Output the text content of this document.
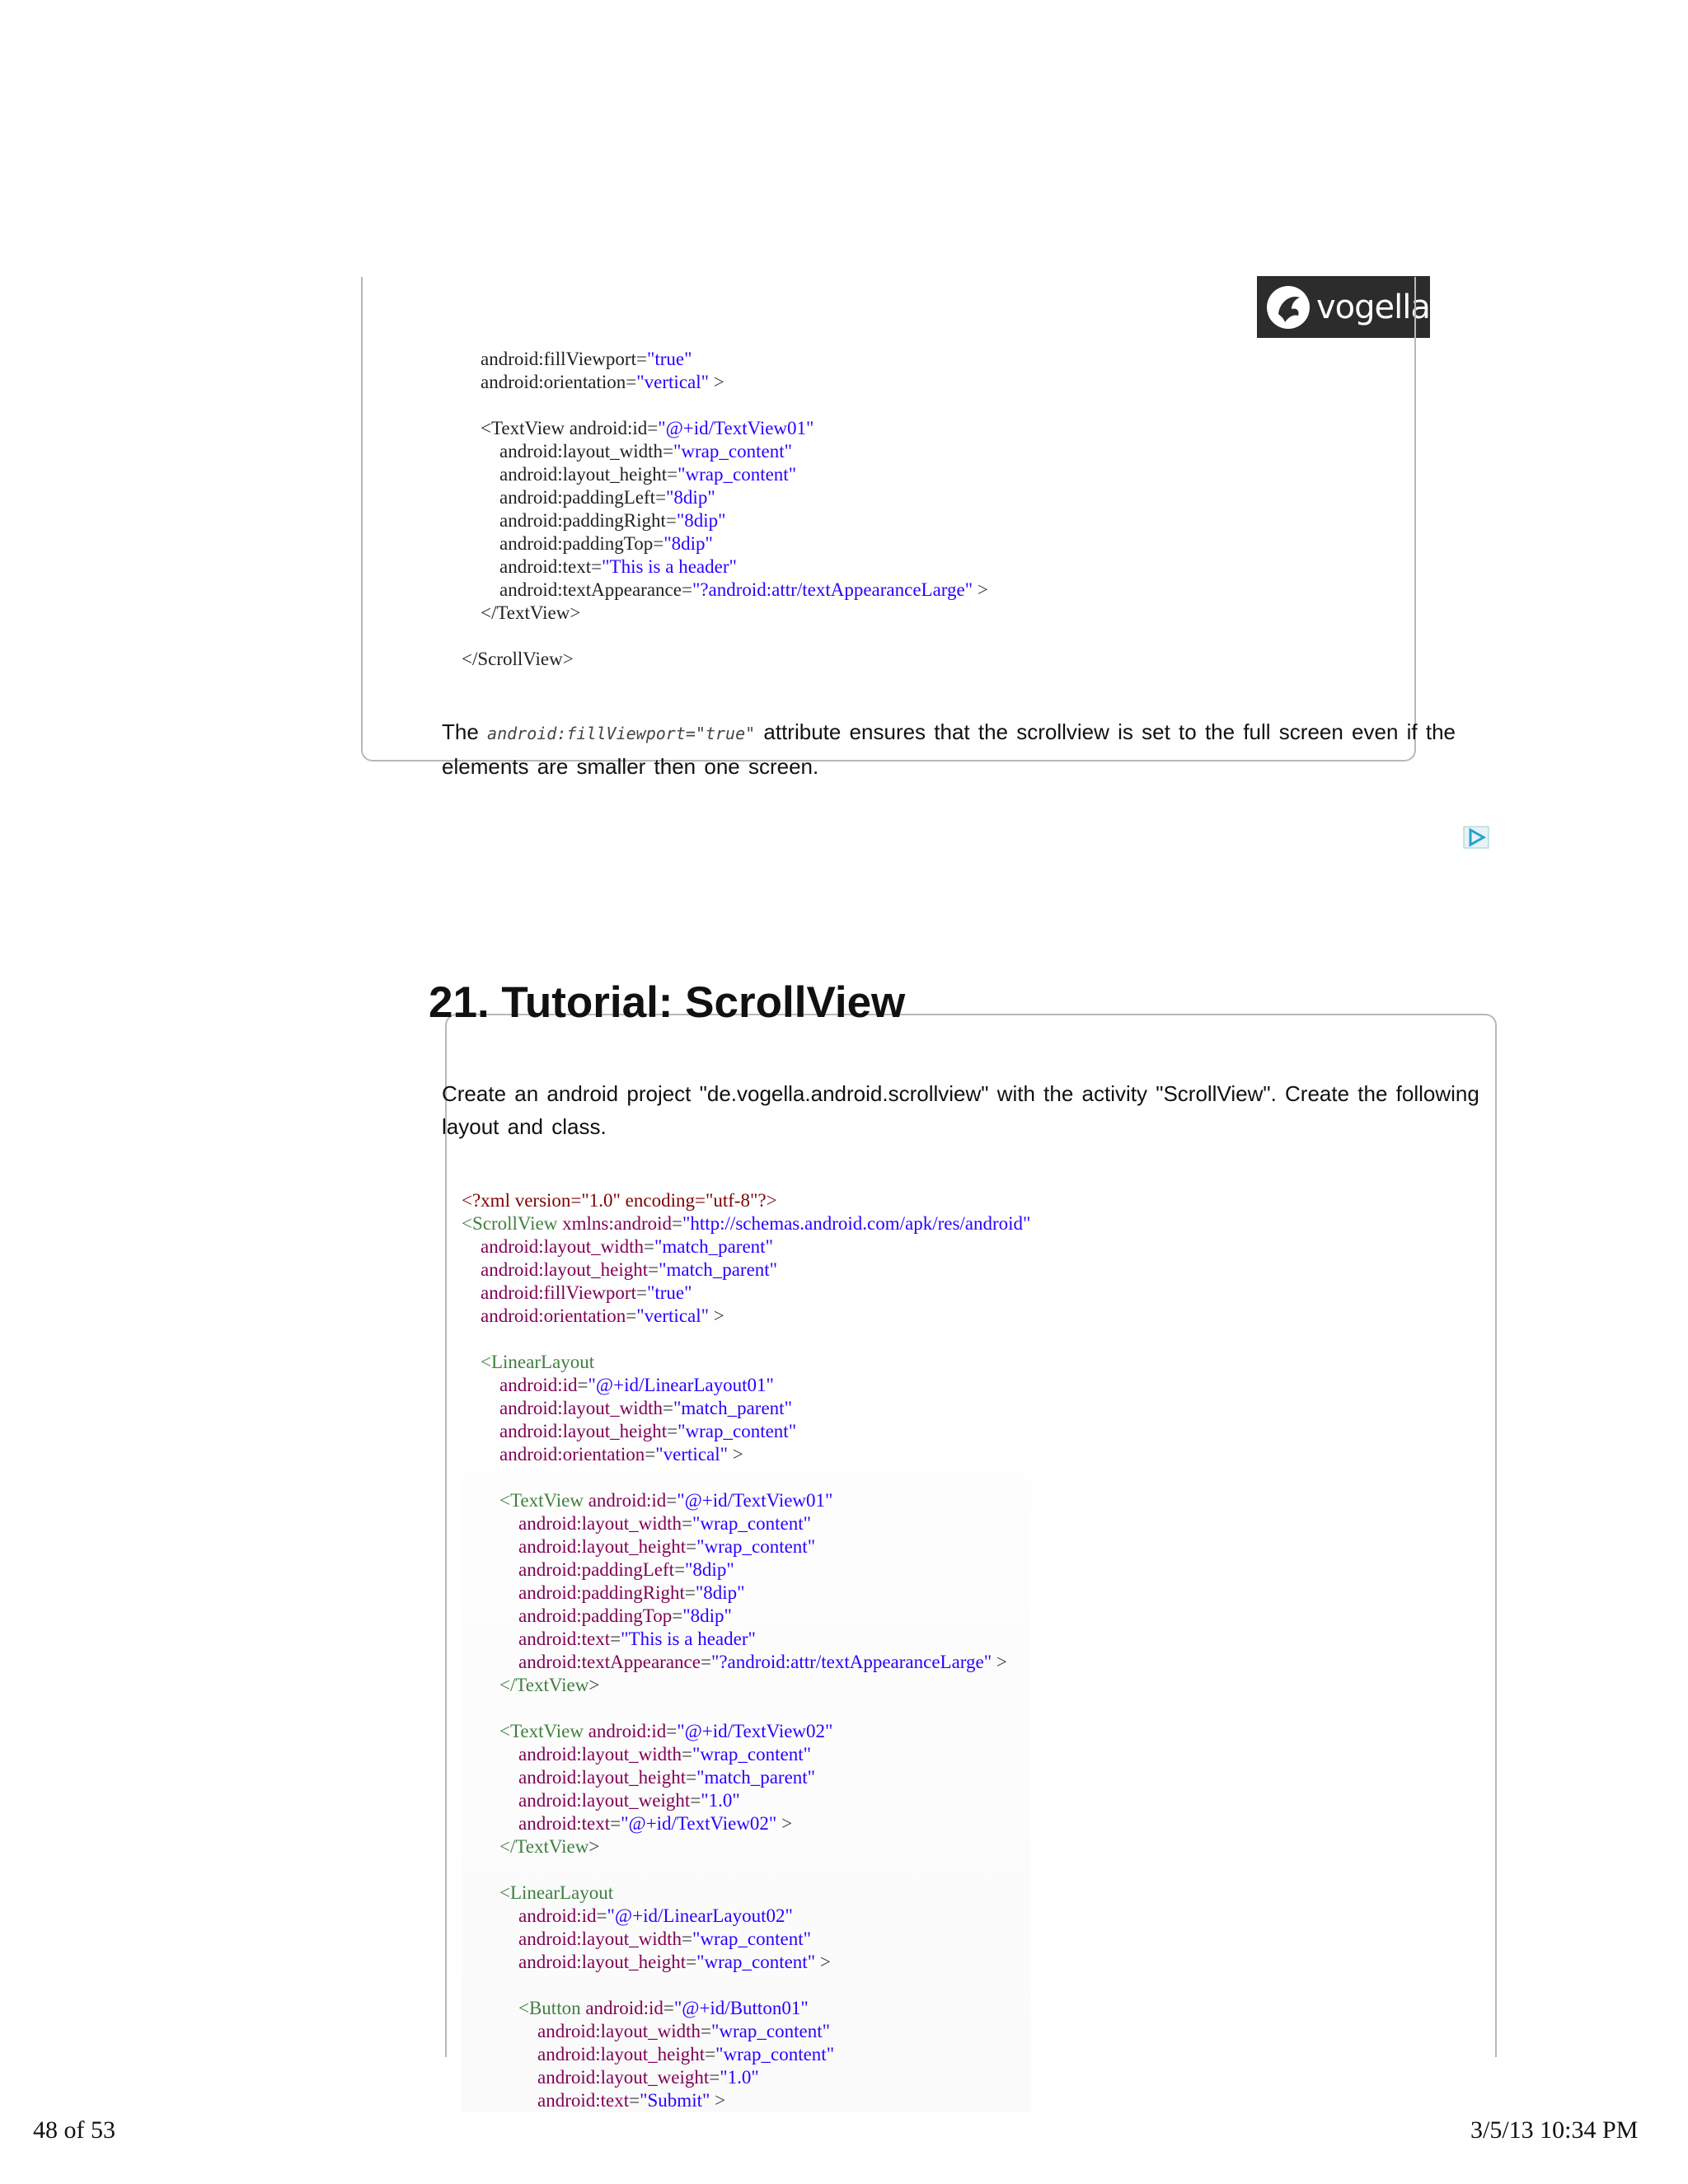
vogella
android:fillViewport="true"
android:orientation="vertical" >

<TextView android:id="@+id/TextView01"
android:layout_width="wrap_content"
android:layout_height="wrap_content"
android:paddingLeft="8dip"
android:paddingRight="8dip"
android:paddingTop="8dip"
android:text="This is a header"
android:textAppearance="?android:attr/textAppearanceLarge" >
</TextView>

</ScrollView>
The android:fillViewport="true" attribute ensures that the scrollview is set to the full screen even if the elements are smaller then one screen.
21. Tutorial: ScrollView
Create an android project "de.vogella.android.scrollview" with the activity "ScrollView". Create the following layout and class.
<?xml version="1.0" encoding="utf-8"?>
<ScrollView xmlns:android="http://schemas.android.com/apk/res/android"
android:layout_width="match_parent"
android:layout_height="match_parent"
android:fillViewport="true"
android:orientation="vertical" >

<LinearLayout
android:id="@+id/LinearLayout01"
android:layout_width="match_parent"
android:layout_height="wrap_content"
android:orientation="vertical" >

<TextView android:id="@+id/TextView01"
android:layout_width="wrap_content"
android:layout_height="wrap_content"
android:paddingLeft="8dip"
android:paddingRight="8dip"
android:paddingTop="8dip"
android:text="This is a header"
android:textAppearance="?android:attr/textAppearanceLarge" >
</TextView>

<TextView android:id="@+id/TextView02"
android:layout_width="wrap_content"
android:layout_height="match_parent"
android:layout_weight="1.0"
android:text="@+id/TextView02" >
</TextView>

<LinearLayout
android:id="@+id/LinearLayout02"
android:layout_width="wrap_content"
android:layout_height="wrap_content" >

<Button android:id="@+id/Button01"
android:layout_width="wrap_content"
android:layout_height="wrap_content"
android:layout_weight="1.0"
android:text="Submit" >
48 of 53	3/5/13 10:34 PM
